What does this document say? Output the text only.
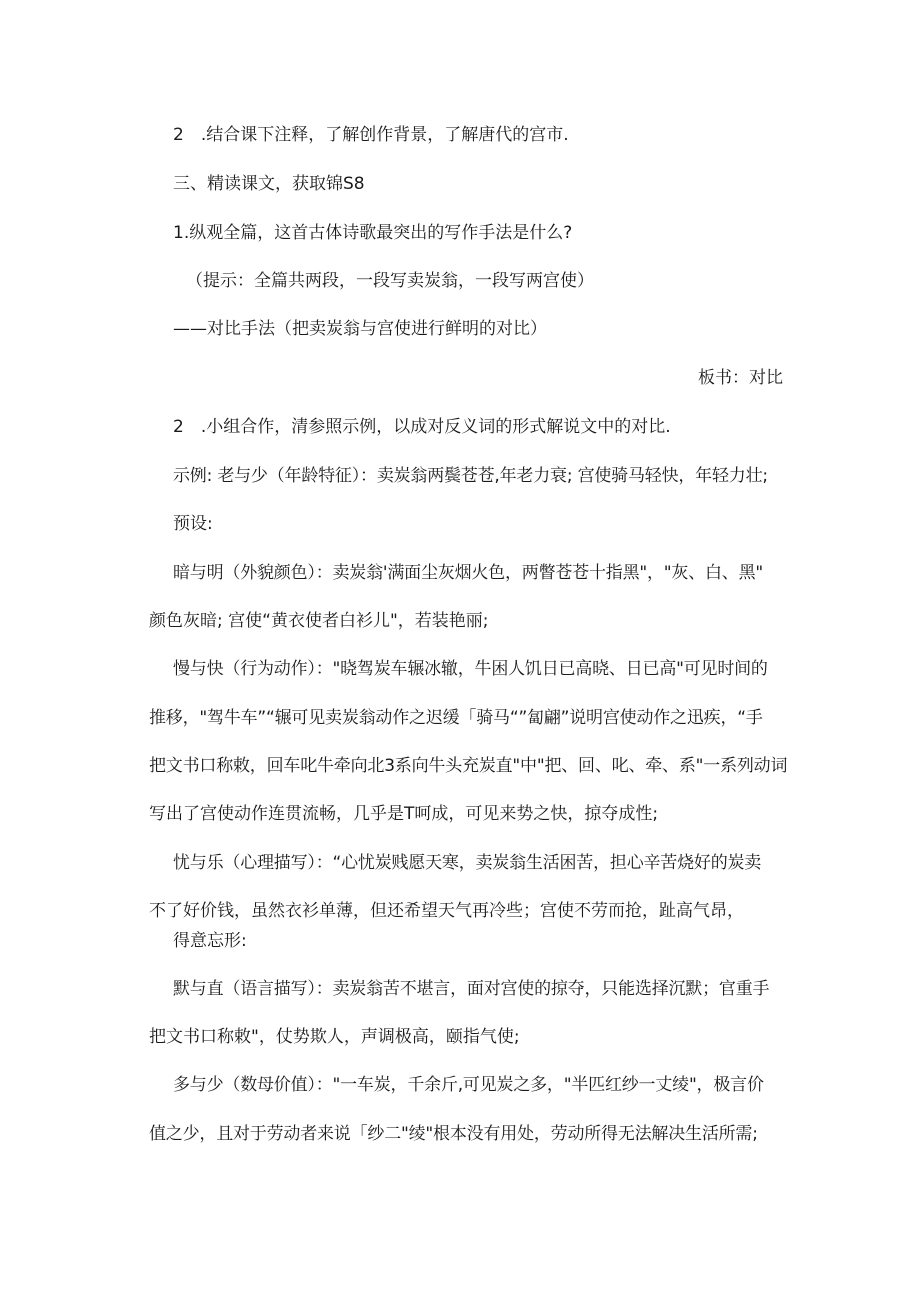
2　.结合课下注释，了解创作背景，了解唐代的宫市.
三、精读课文，获取锦S8
1.纵观全篇，这首古体诗歌最突出的写作手法是什么?
（提示：全篇共两段，一段写卖炭翁，一段写两宫使）
——对比手法（把卖炭翁与宫使进行鲜明的对比）
板书：对比
2　.小组合作，清参照示例，以成对反义词的形式解说文中的对比.
示例: 老与少（年龄特征）：卖炭翁两鬓苍苍,年老力衰; 宫使骑马轻快，年轻力壮;
预设:
暗与明（外貌颜色）：卖炭翁'满面尘灰烟火色，两瞥苍苍十指黑"，"灰、白、黑"
颜色灰暗; 宫使“黄衣使者白衫儿"，若装艳丽;
慢与快（行为动作）："晓驾炭车辗冰辙，牛困人饥日已高晓、日已高"可见时间的
推移，"驾牛车”“辗可见卖炭翁动作之迟缓「骑马“”匐翩”说明宫使动作之迅疾，“手
把文书口称敕，回车叱牛牵向北3系向牛头充炭直"中"把、回、叱、牵、系"一系列动词
写出了宫使动作连贯流畅，几乎是T呵成，可见来势之快，掠夺成性;
忧与乐（心理描写）：“心忧炭贱愿天寒，卖炭翁生活困苦，担心辛苦烧好的炭卖
不了好价钱，虽然衣衫单薄，但还希望天气再冷些；宫使不劳而抢，趾高气昂，
得意忘形:
默与直（语言描写）：卖炭翁苦不堪言，面对宫使的掠夺，只能选择沉默；官重手
把文书口称敕"，仗势欺人，声调极高，颐指气使;
多与少（数母价值）："一车炭，千余斤,可见炭之多，"半匹红纱一丈绫"，极言价
值之少，且对于劳动者来说「纱二"绫"根本没有用处，劳动所得无法解决生活所需;
